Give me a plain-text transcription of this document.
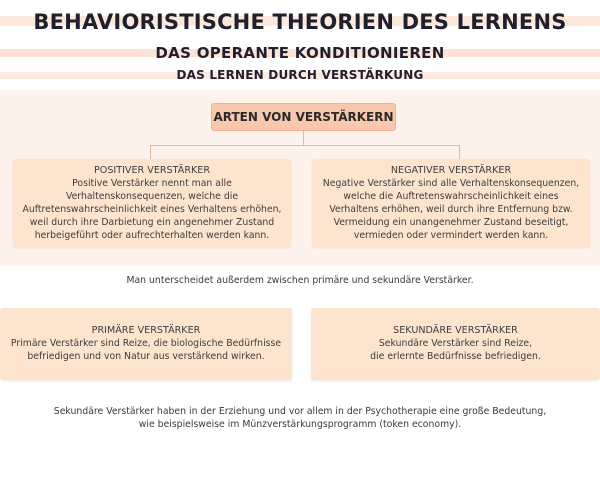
BEHAVIORISTISCHE THEORIEN DES LERNENS
DAS OPERANTE KONDITIONIEREN
DAS LERNEN DURCH VERSTÄRKUNG
ARTEN VON VERSTÄRKERN
POSITIVER VERSTÄRKER
Positive Verstärker nennt man alle
Verhaltenskonsequenzen, welche die
Auftretenswahrscheinlichkeit eines Verhaltens erhöhen,
weil durch ihre Darbietung ein angenehmer Zustand
herbeigeführt oder aufrechterhalten werden kann.
NEGATIVER VERSTÄRKER
Negative Verstärker sind alle Verhaltenskonsequenzen,
welche die Auftretenswahrscheinlichkeit eines
Verhaltens erhöhen, weil durch ihre Entfernung bzw.
Vermeidung ein unangenehmer Zustand beseitigt,
vermieden oder vermindert werden kann.
Man unterscheidet außerdem zwischen primäre und sekundäre Verstärker.
PRIMÄRE VERSTÄRKER
Primäre Verstärker sind Reize, die biologische Bedürfnisse
befriedigen und von Natur aus verstärkend wirken.
SEKUNDÄRE VERSTÄRKER
Sekundäre Verstärker sind Reize,
die erlernte Bedürfnisse befriedigen.
Sekundäre Verstärker haben in der Erziehung und vor allem in der Psychotherapie eine große Bedeutung,
wie beispielsweise im Münzverstärkungsprogramm (token economy).
